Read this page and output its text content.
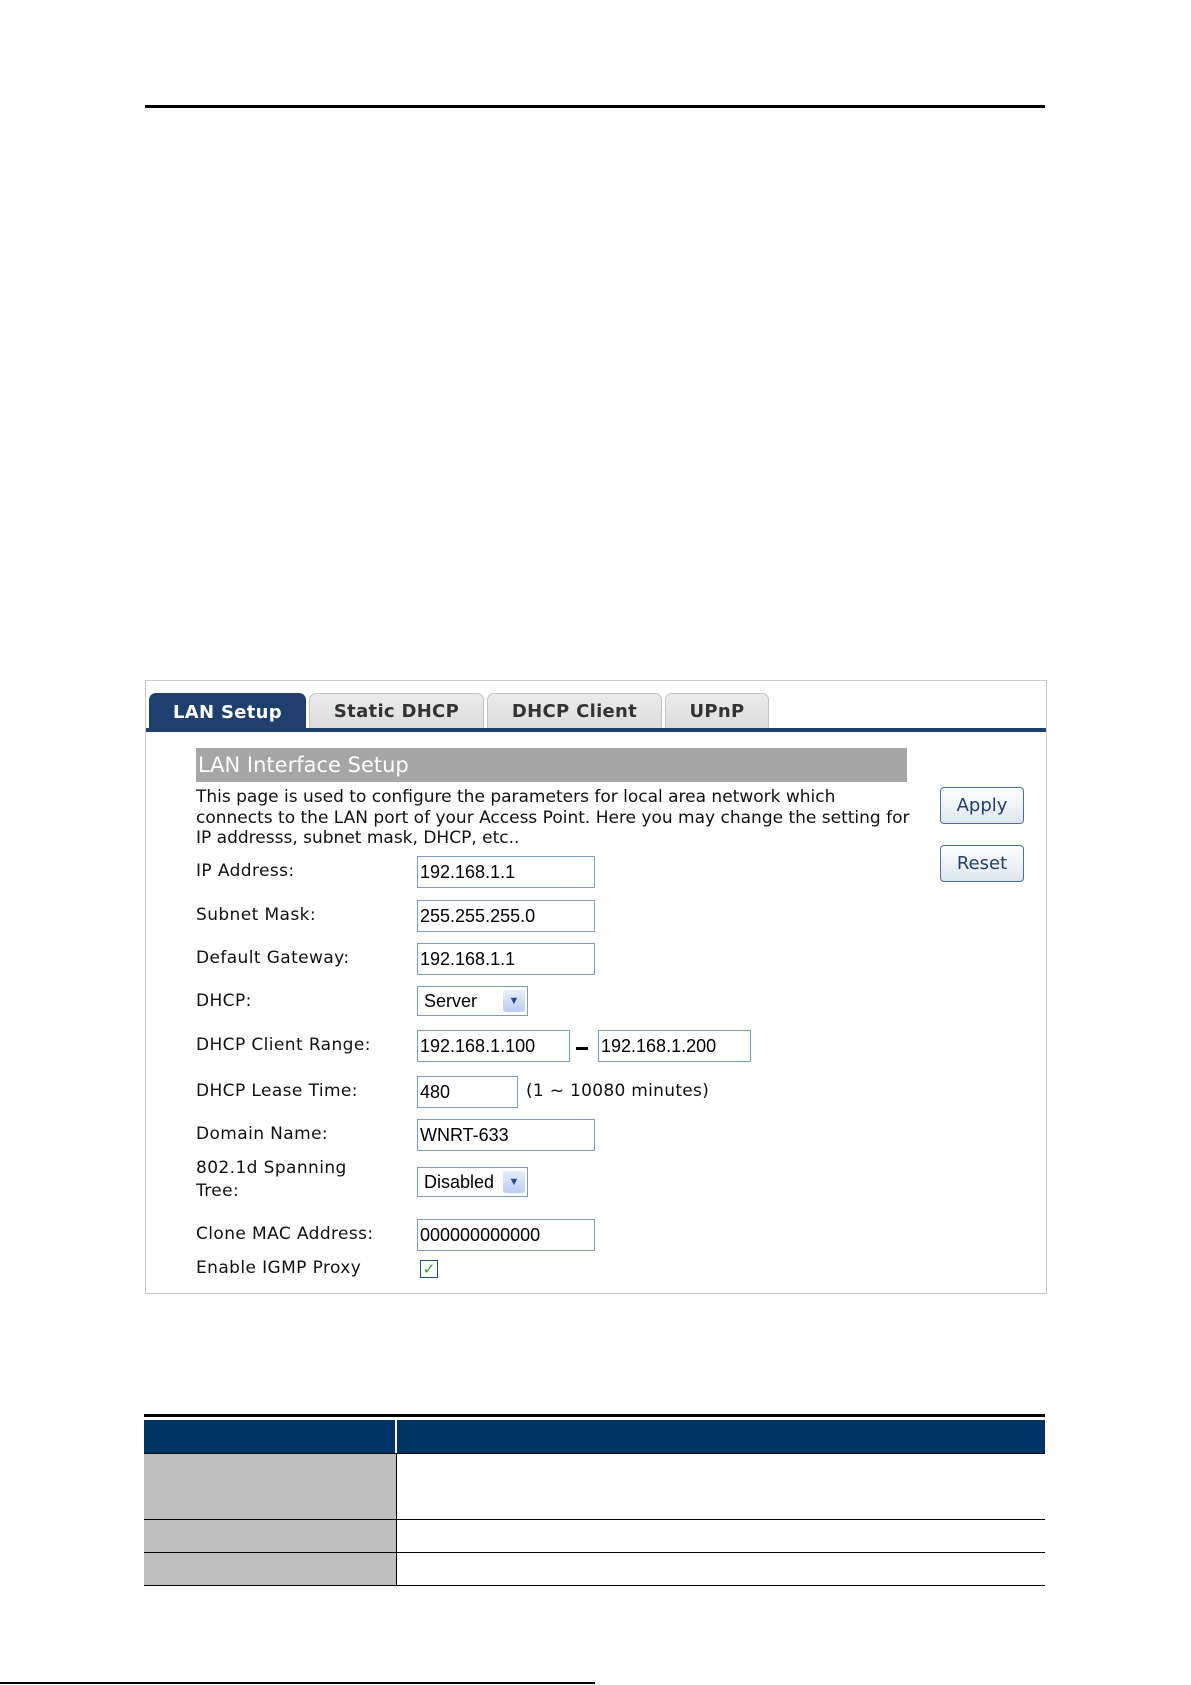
LAN Setup	Static DHCP	DHCP Client	UPnP
LAN Interface Setup
This page is used to configure the parameters for local area network which connects to the LAN port of your Access Point. Here you may change the setting for IP addresss, subnet mask, DHCP, etc..
Apply
Reset
IP Address:	192.168.1.1
Subnet Mask:	255.255.255.0
Default Gateway:	192.168.1.1
DHCP:	Server	▼
DHCP Client Range:	192.168.1.100	192.168.1.200
DHCP Lease Time:	480	(1 ~ 10080 minutes)
Domain Name:	WNRT-633
802.1d Spanning
Tree:	Disabled	▼
Clone MAC Address:	000000000000
Enable IGMP Proxy	✓
